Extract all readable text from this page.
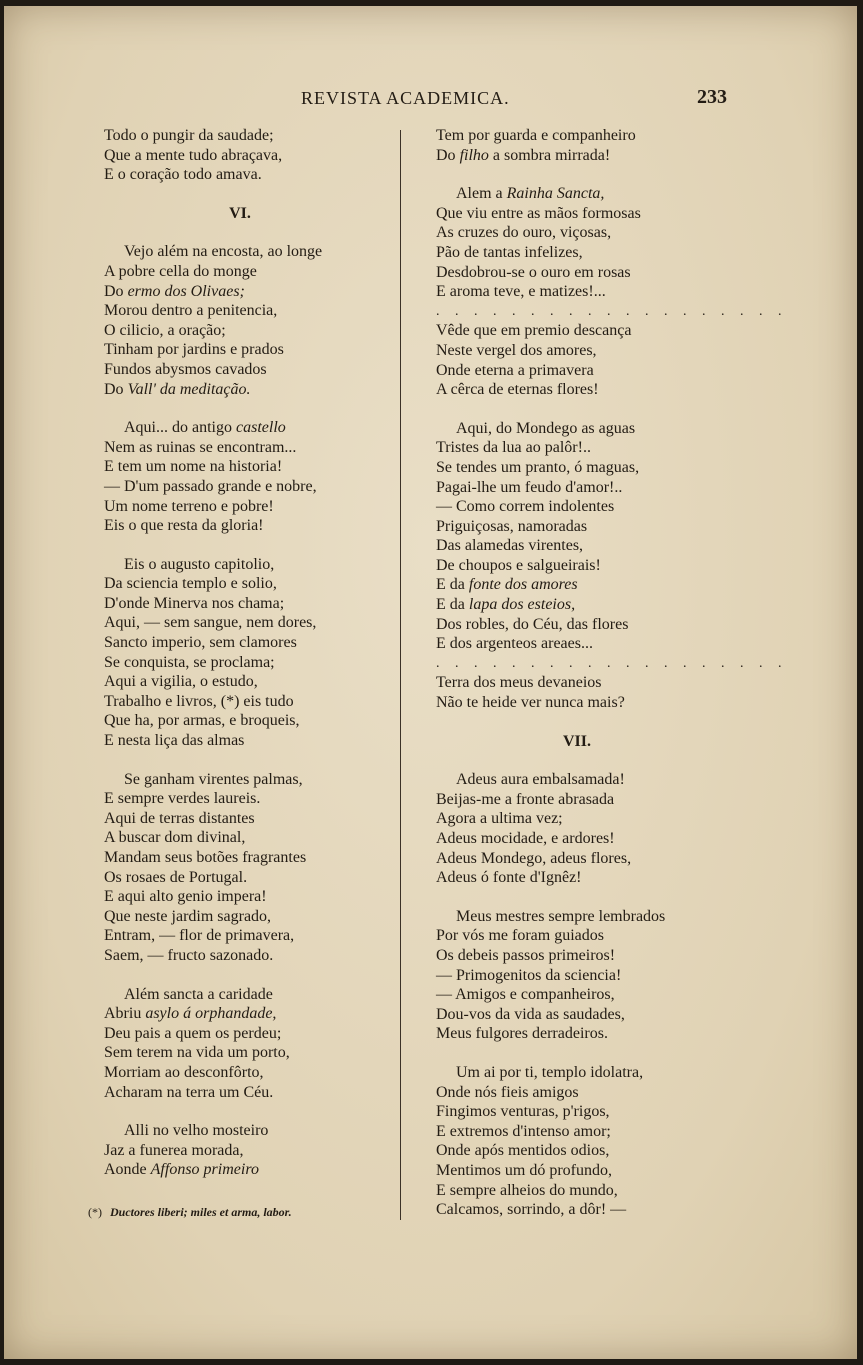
REVISTA ACADEMICA.	233
Todo o pungir da saudade;
Que a mente tudo abraçava,
E o coração todo amava.
VI.
Vejo além na encosta, ao longe
A pobre cella do monge
Do ermo dos Olivaes;
Morou dentro a penitencia,
O cilicio, a oração;
Tinham por jardins e prados
Fundos abysmos cavados
Do Vall' da meditação.
Aqui... do antigo castello
Nem as ruinas se encontram...
E tem um nome na historia!
— D'um passado grande e nobre,
Um nome terreno e pobre!
Eis o que resta da gloria!
Eis o augusto capitolio,
Da sciencia templo e solio,
D'onde Minerva nos chama;
Aqui, — sem sangue, nem dores,
Sancto imperio, sem clamores
Se conquista, se proclama;
Aqui a vigilia, o estudo,
Trabalho e livros, (*) eis tudo
Que ha, por armas, e broqueis,
E nesta liça das almas
Se ganham virentes palmas,
E sempre verdes laureis.
Aqui de terras distantes
A buscar dom divinal,
Mandam seus botões fragrantes
Os rosaes de Portugal.
E aqui alto genio impera!
Que neste jardim sagrado,
Entram, — flor de primavera,
Saem, — fructo sazonado.
Além sancta a caridade
Abriu asylo á orphandade,
Deu pais a quem os perdeu;
Sem terem na vida um porto,
Morriam ao desconfôrto,
Acharam na terra um Céu.
Alli no velho mosteiro
Jaz a funerea morada,
Aonde Affonso primeiro
Tem por guarda e companheiro
Do filho a sombra mirrada!
Alem a Rainha Sancta,
Que viu entre as mãos formosas
As cruzes do ouro, viçosas,
Pão de tantas infelizes,
Desdobrou-se o ouro em rosas
E aroma teve, e matizes!...
. . . . . . . . . . . . . . . . . . .
Vêde que em premio descança
Neste vergel dos amores,
Onde eterna a primavera
A cêrca de eternas flores!
Aqui, do Mondego as aguas
Tristes da lua ao palôr!..
Se tendes um pranto, ó maguas,
Pagai-lhe um feudo d'amor!..
— Como correm indolentes
Priguiçosas, namoradas
Das alamedas virentes,
De choupos e salgueirais!
E da fonte dos amores
E da lapa dos esteios,
Dos robles, do Céu, das flores
E dos argenteos areaes...
. . . . . . . . . . . . . . . . . . .
Terra dos meus devaneios
Não te heide ver nunca mais?
VII.
Adeus aura embalsamada!
Beijas-me a fronte abrasada
Agora a ultima vez;
Adeus mocidade, e ardores!
Adeus Mondego, adeus flores,
Adeus ó fonte d'Ignêz!
Meus mestres sempre lembrados
Por vós me foram guiados
Os debeis passos primeiros!
— Primogenitos da sciencia!
— Amigos e companheiros,
Dou-vos da vida as saudades,
Meus fulgores derradeiros.
Um ai por ti, templo idolatra,
Onde nós fieis amigos
Fingimos venturas, p'rigos,
E extremos d'intenso amor;
Onde após mentidos odios,
Mentimos um dó profundo,
E sempre alheios do mundo,
Calcamos, sorrindo, a dôr! —
(*) Ductores liberi; miles et arma, labor.
